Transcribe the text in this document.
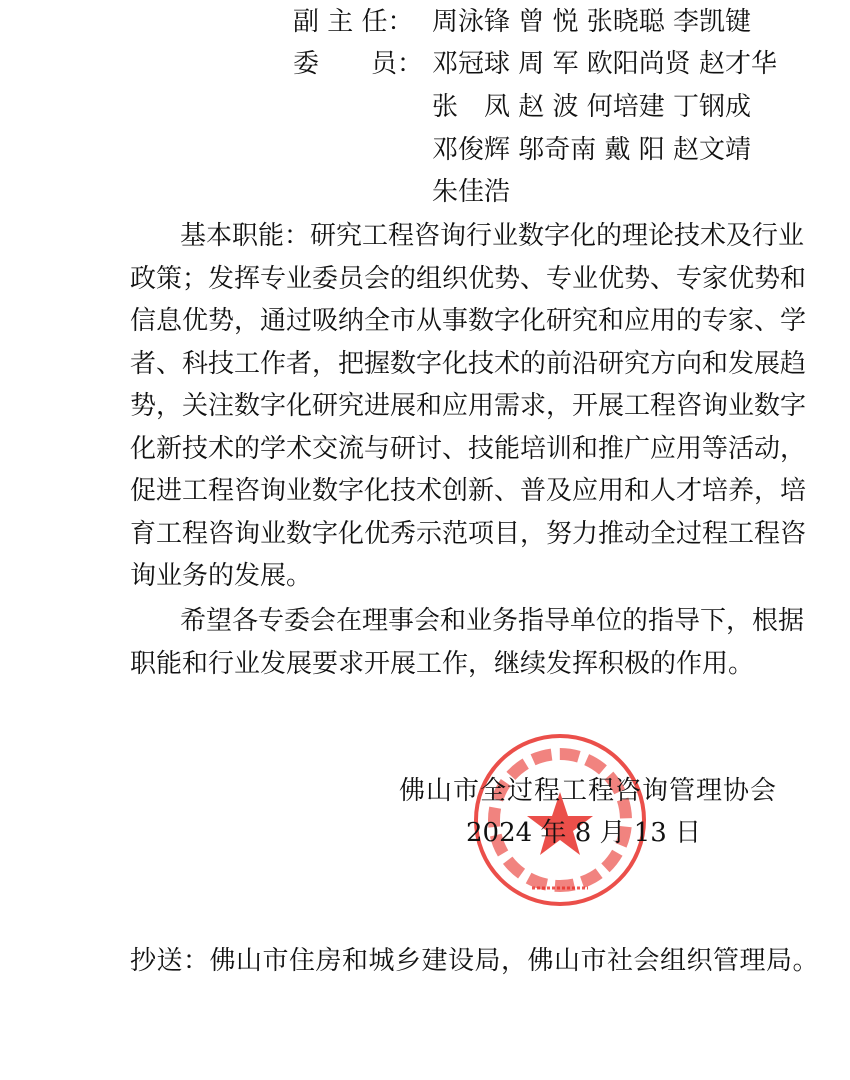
副 主 任： 周泳锋 曾 悦 张晓聪 李凯键
委　　员： 邓冠球 周 军 欧阳尚贤 赵才华
张　凤 赵 波 何培建 丁钢成
邓俊辉 邬奇南 戴 阳 赵文靖
朱佳浩
基本职能：研究工程咨询行业数字化的理论技术及行业
政策；发挥专业委员会的组织优势、专业优势、专家优势和
信息优势，通过吸纳全市从事数字化研究和应用的专家、学
者、科技工作者，把握数字化技术的前沿研究方向和发展趋
势，关注数字化研究进展和应用需求，开展工程咨询业数字
化新技术的学术交流与研讨、技能培训和推广应用等活动，
促进工程咨询业数字化技术创新、普及应用和人才培养，培
育工程咨询业数字化优秀示范项目，努力推动全过程工程咨
询业务的发展。
希望各专委会在理事会和业务指导单位的指导下，根据
职能和行业发展要求开展工作，继续发挥积极的作用。
佛山市全过程工程咨询管理协会
2024 年 8 月 13 日
抄送：佛山市住房和城乡建设局，佛山市社会组织管理局。
